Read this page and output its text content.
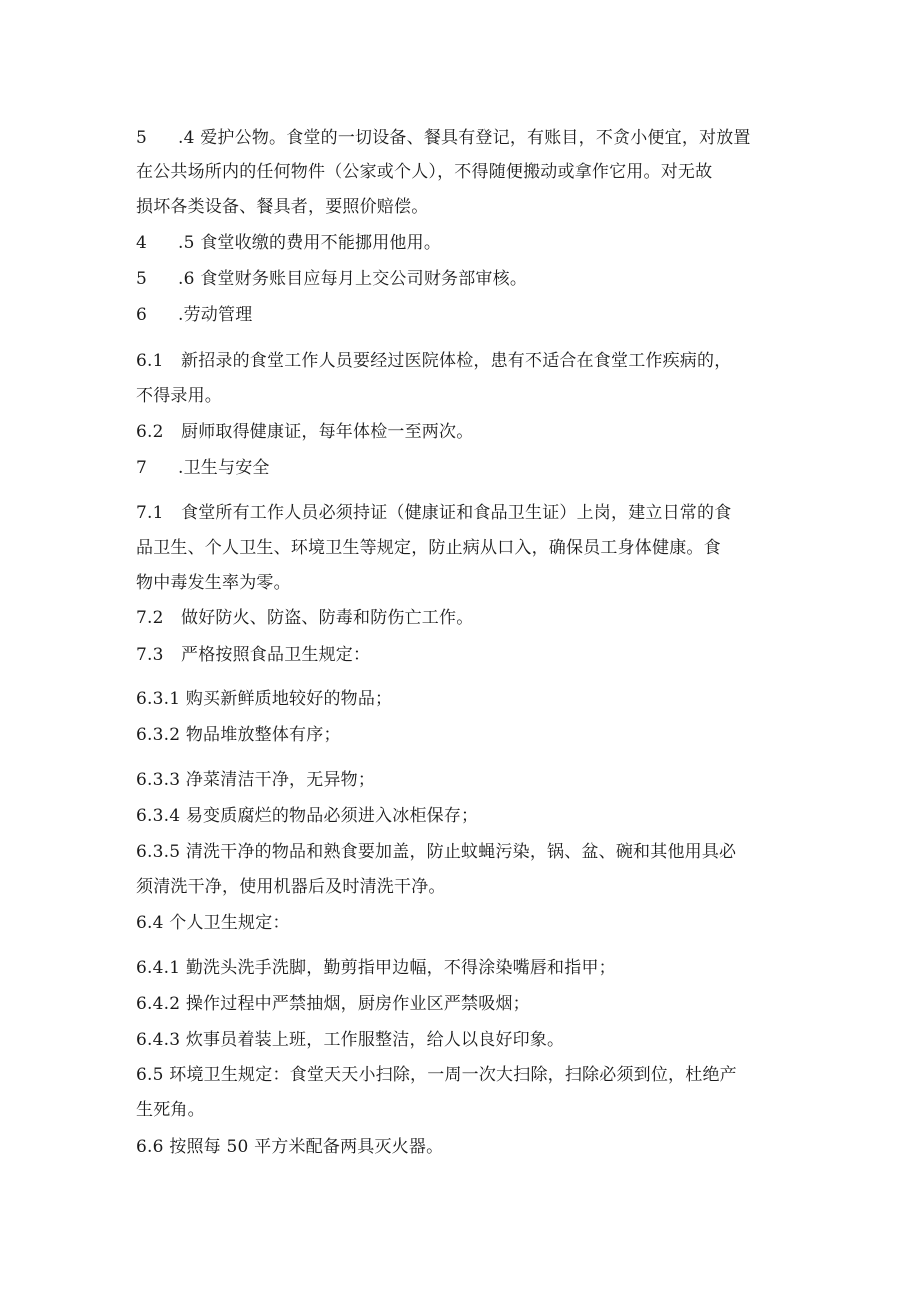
5 .4 爱护公物。食堂的一切设备、餐具有登记，有账目，不贪小便宜，对放置
在公共场所内的任何物件（公家或个人），不得随便搬动或拿作它用。对无故
损坏各类设备、餐具者，要照价赔偿。
4 .5 食堂收缴的费用不能挪用他用。
5 .6 食堂财务账目应每月上交公司财务部审核。
6 .劳动管理
6.1 新招录的食堂工作人员要经过医院体检，患有不适合在食堂工作疾病的，
不得录用。
6.2 厨师取得健康证，每年体检一至两次。
7 .卫生与安全
7.1 食堂所有工作人员必须持证（健康证和食品卫生证）上岗，建立日常的食
品卫生、个人卫生、环境卫生等规定，防止病从口入，确保员工身体健康。食
物中毒发生率为零。
7.2 做好防火、防盗、防毒和防伤亡工作。
7.3 严格按照食品卫生规定：
6.3.1 购买新鲜质地较好的物品；
6.3.2 物品堆放整体有序；
6.3.3 净菜清洁干净，无异物；
6.3.4 易变质腐烂的物品必须进入冰柜保存；
6.3.5 清洗干净的物品和熟食要加盖，防止蚊蝇污染，锅、盆、碗和其他用具必
须清洗干净，使用机器后及时清洗干净。
6.4 个人卫生规定：
6.4.1 勤洗头洗手洗脚，勤剪指甲边幅，不得涂染嘴唇和指甲；
6.4.2 操作过程中严禁抽烟，厨房作业区严禁吸烟；
6.4.3 炊事员着装上班，工作服整洁，给人以良好印象。
6.5 环境卫生规定：食堂天天小扫除，一周一次大扫除，扫除必须到位，杜绝产
生死角。
6.6 按照每 50 平方米配备两具灭火器。
